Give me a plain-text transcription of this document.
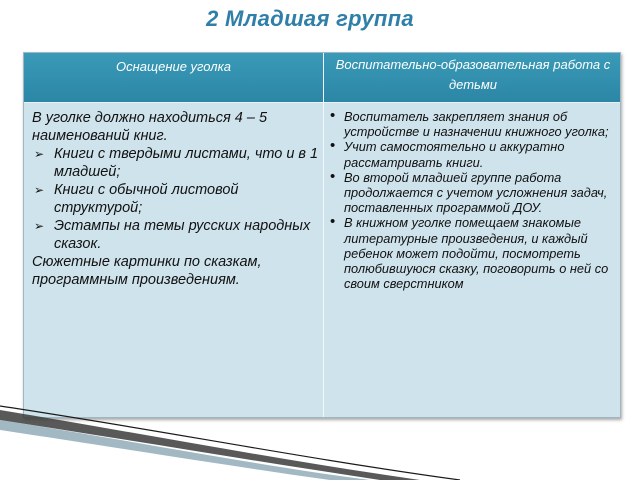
2 Младшая группа
Оснащение уголка	Воспитательно-образовательная работа с детьми
В уголке должно находиться 4 – 5 наименований книг.
➢ Книги с твердыми листами, что и в 1 младшей;
➢ Книги с обычной листовой структурой;
➢ Эстампы на темы русских народных сказок.
Сюжетные картинки по сказкам, программным произведениям.
• Воспитатель закрепляет знания об устройстве и назначении книжного уголка;
• Учит самостоятельно и аккуратно рассматривать книги.
• Во второй младшей группе работа продолжается с учетом усложнения задач, поставленных программой ДОУ.
• В книжном уголке помещаем знакомые литературные произведения, и каждый ребенок может подойти, посмотреть полюбившуюся сказку, поговорить о ней со своим сверстником
